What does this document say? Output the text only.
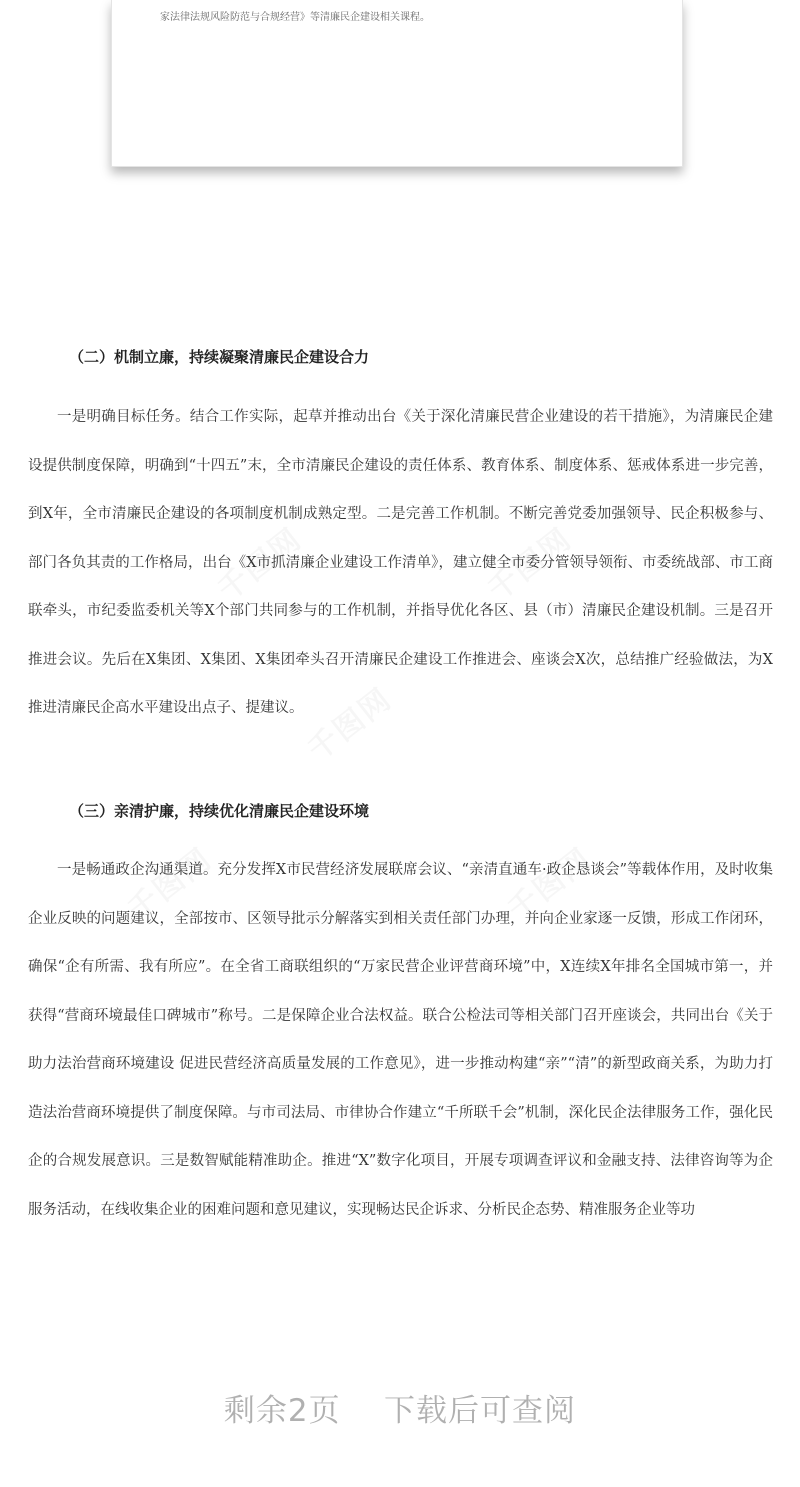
家法律法规风险防范与合规经营》等清廉民企建设相关课程。
（二）机制立廉，持续凝聚清廉民企建设合力

一是明确目标任务。结合工作实际，起草并推动出台《关于深化清廉民营企业建设的若干措施》，为清廉民企建设提供制度保障，明确到“十四五”末，全市清廉民企建设的责任体系、教育体系、制度体系、惩戒体系进一步完善，到X年，全市清廉民企建设的各项制度机制成熟定型。二是完善工作机制。不断完善党委加强领导、民企积极参与、部门各负其责的工作格局，出台《X市抓清廉企业建设工作清单》，建立健全市委分管领导领衔、市委统战部、市工商联牵头，市纪委监委机关等X个部门共同参与的工作机制，并指导优化各区、县（市）清廉民企建设机制。三是召开推进会议。先后在X集团、X集团、X集团牵头召开清廉民企建设工作推进会、座谈会X次，总结推广经验做法，为X推进清廉民企高水平建设出点子、提建议。

（三）亲清护廉，持续优化清廉民企建设环境

一是畅通政企沟通渠道。充分发挥X市民营经济发展联席会议、“亲清直通车·政企恳谈会”等载体作用，及时收集企业反映的问题建议，全部按市、区领导批示分解落实到相关责任部门办理，并向企业家逐一反馈，形成工作闭环，确保“企有所需、我有所应”。在全省工商联组织的“万家民营企业评营商环境”中，X连续X年排名全国城市第一，并获得“营商环境最佳口碑城市”称号。二是保障企业合法权益。联合公检法司等相关部门召开座谈会，共同出台《关于助力法治营商环境建设 促进民营经济高质量发展的工作意见》，进一步推动构建“亲”“清”的新型政商关系，为助力打造法治营商环境提供了制度保障。与市司法局、市律协合作建立“千所联千会”机制，深化民企法律服务工作，强化民企的合规发展意识。三是数智赋能精准助企。推进“X”数字化项目，开展专项调查评议和金融支持、法律咨询等为企服务活动，在线收集企业的困难问题和意见建议，实现畅达民企诉求、分析民企态势、精准服务企业等功

剩余2页    下载后可查阅
